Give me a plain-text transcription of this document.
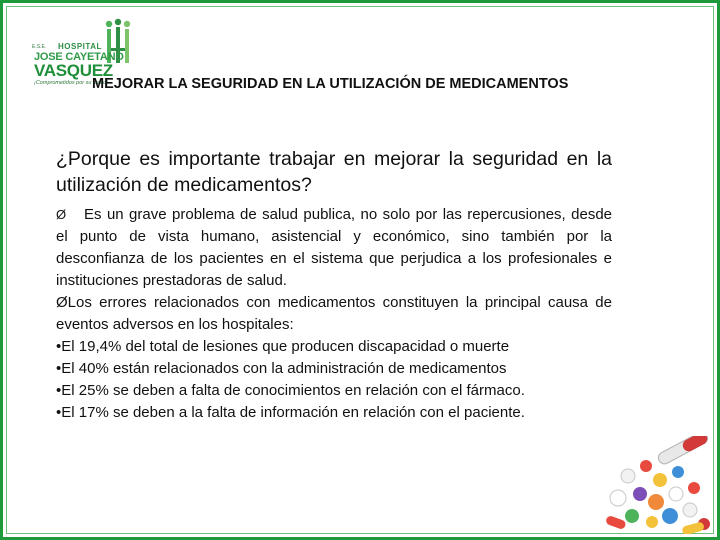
E.S.E. HOSPITAL
JOSE CAYETANO
VASQUEZ
¡Comprometidos por su salud!
MEJORAR LA SEGURIDAD EN LA UTILIZACIÓN DE MEDICAMENTOS

¿Porque es importante trabajar en mejorar la seguridad en la utilización de medicamentos?

Ø Es un grave problema de salud publica, no solo por las repercusiones, desde el punto de vista humano, asistencial y económico, sino también por la desconfianza de los pacientes en el sistema que perjudica a los profesionales e instituciones prestadoras de salud.

ØLos errores relacionados con medicamentos constituyen la principal causa de eventos adversos en los hospitales:

•El 19,4% del total de lesiones que producen discapacidad o muerte

•El 40% están relacionados con la administración de medicamentos

•El 25% se deben a falta de conocimientos en relación con el fármaco.

•El 17% se deben a la falta de información en relación con el paciente.
